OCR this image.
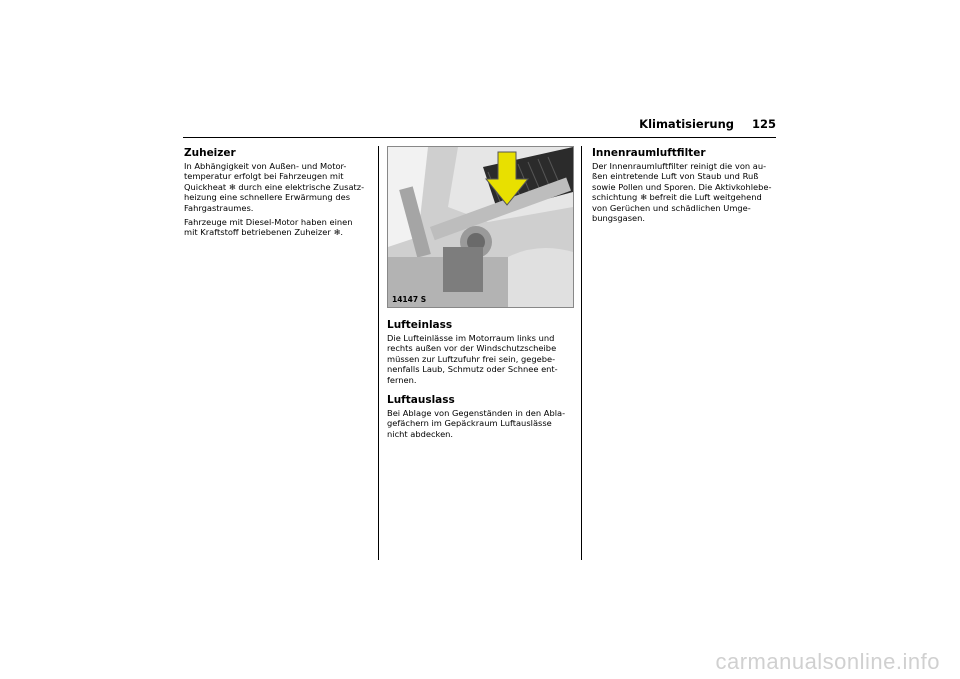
Klimatisierung 125
Zuheizer

In Abhängigkeit von Außen- und Motor-
temperatur erfolgt bei Fahrzeugen mit
Quickheat ❄ durch eine elektrische Zusatz-
heizung eine schnellere Erwärmung des
Fahrgastraumes.

Fahrzeuge mit Diesel-Motor haben einen
mit Kraftstoff betriebenen Zuheizer ❄.

14147 S
Lufteinlass

Die Lufteinlässe im Motorraum links und
rechts außen vor der Windschutzscheibe
müssen zur Luftzufuhr frei sein, gegebe-
nenfalls Laub, Schmutz oder Schnee ent-
fernen.

Luftauslass

Bei Ablage von Gegenständen in den Abla-
gefächern im Gepäckraum Luftauslässe
nicht abdecken.

Innenraumluftfilter

Der Innenraumluftfilter reinigt die von au-
ßen eintretende Luft von Staub und Ruß
sowie Pollen und Sporen. Die Aktivkohlebe-
schichtung ❄ befreit die Luft weitgehend
von Gerüchen und schädlichen Umge-
bungsgasen.

carmanualsonline.info
